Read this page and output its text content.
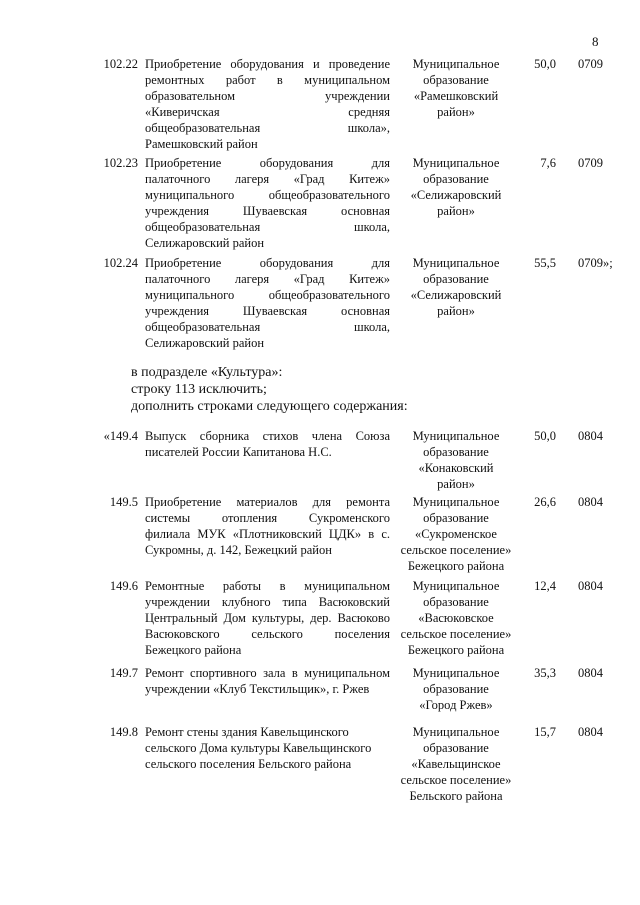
8
102.22 Приобретение оборудования и проведение
ремонтных работ в муниципальном
образовательном учреждении
«Киверичская средняя
общеобразовательная школа»,
Рамешковский район
Муниципальное
образование
«Рамешковский
район»
50,0 0709
102.23 Приобретение оборудования для
палаточного лагеря «Град Китеж»
муниципального общеобразовательного
учреждения Шуваевская основная
общеобразовательная школа,
Селижаровский район
Муниципальное
образование
«Селижаровский
район»
7,6 0709
102.24 Приобретение оборудования для
палаточного лагеря «Град Китеж»
муниципального общеобразовательного
учреждения Шуваевская основная
общеобразовательная школа,
Селижаровский район
Муниципальное
образование
«Селижаровский
район»
55,5 0709»;
в подразделе «Культура»:
строку 113 исключить;
дополнить строками следующего содержания:
«149.4 Выпуск сборника стихов члена Союза
писателей России Капитанова Н.С.
Муниципальное
образование
«Конаковский
район»
50,0 0804
149.5 Приобретение материалов для ремонта
системы отопления Сукроменского
филиала МУК «Плотниковский ЦДК» в с.
Сукромны, д. 142, Бежецкий район
Муниципальное
образование
«Сукроменское
сельское поселение»
Бежецкого района
26,6 0804
149.6 Ремонтные работы в муниципальном
учреждении клубного типа Васюковский
Центральный Дом культуры, дер. Васюково
Васюковского сельского поселения
Бежецкого района
Муниципальное
образование
«Васюковское
сельское поселение»
Бежецкого района
12,4 0804
149.7 Ремонт спортивного зала в муниципальном
учреждении «Клуб Текстильщик», г. Ржев
Муниципальное
образование
«Город Ржев»
35,3 0804
149.8 Ремонт стены здания Кавельщинского
сельского Дома культуры Кавельщинского
сельского поселения Бельского района
Муниципальное
образование
«Кавельщинское
сельское поселение»
Бельского района
15,7 0804
